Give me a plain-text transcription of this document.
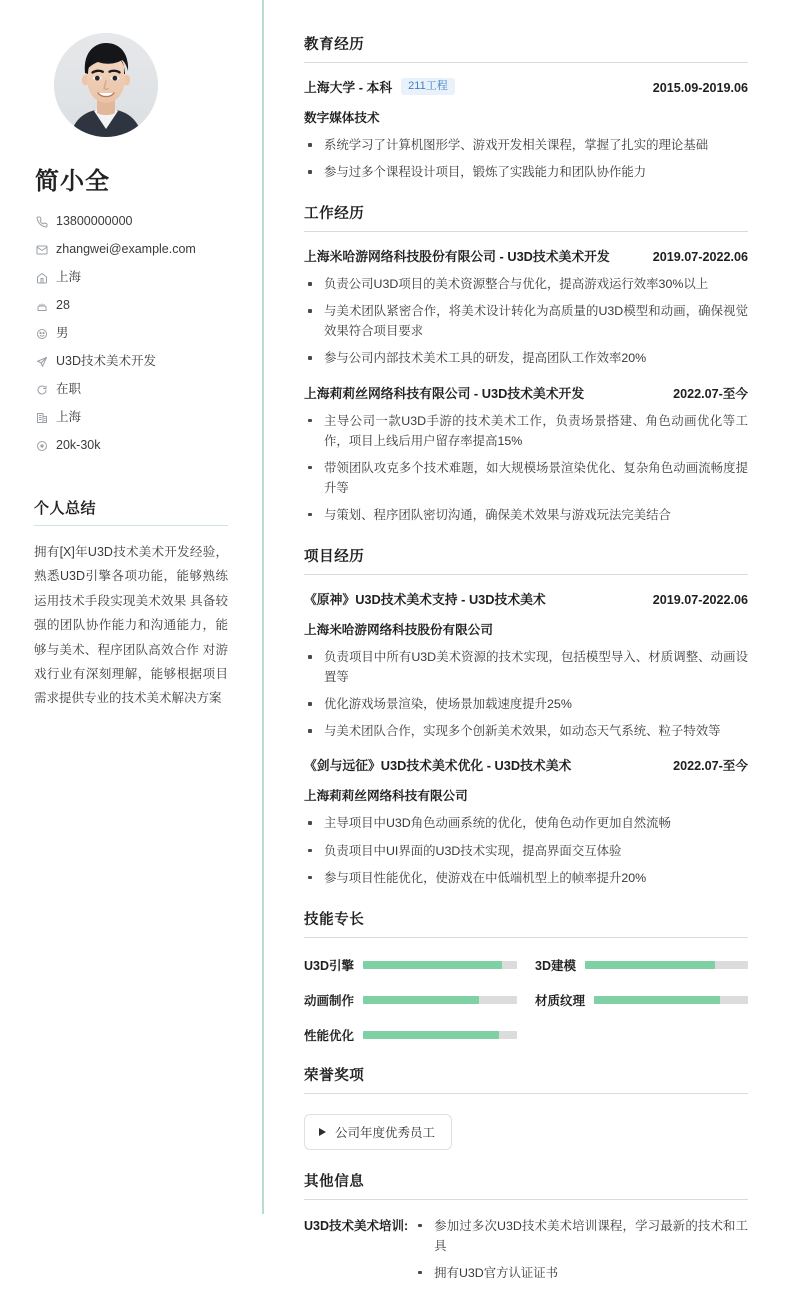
简小全
13800000000
zhangwei@example.com
上海
28
男
U3D技术美术开发
在职
上海
20k-30k
个人总结

拥有[X]年U3D技术美术开发经验，熟悉U3D引擎各项功能，能够熟练运用技术手段实现美术效果 具备较强的团队协作能力和沟通能力，能够与美术、程序团队高效合作 对游戏行业有深刻理解，能够根据项目需求提供专业的技术美术解决方案

教育经历
上海大学 - 本科	211工程	2015.09-2019.06
数字媒体技术
系统学习了计算机图形学、游戏开发相关课程，掌握了扎实的理论基础
参与过多个课程设计项目，锻炼了实践能力和团队协作能力
工作经历
上海米哈游网络科技股份有限公司 - U3D技术美术开发	2019.07-2022.06
负责公司U3D项目的美术资源整合与优化，提高游戏运行效率30%以上
与美术团队紧密合作，将美术设计转化为高质量的U3D模型和动画，确保视觉效果符合项目要求
参与公司内部技术美术工具的研发，提高团队工作效率20%
上海莉莉丝网络科技有限公司 - U3D技术美术开发	2022.07-至今
主导公司一款U3D手游的技术美术工作，负责场景搭建、角色动画优化等工作，项目上线后用户留存率提高15%
带领团队攻克多个技术难题，如大规模场景渲染优化、复杂角色动画流畅度提升等
与策划、程序团队密切沟通，确保美术效果与游戏玩法完美结合
项目经历
《原神》U3D技术美术支持 - U3D技术美术	2019.07-2022.06
上海米哈游网络科技股份有限公司
负责项目中所有U3D美术资源的技术实现，包括模型导入、材质调整、动画设置等
优化游戏场景渲染，使场景加载速度提升25%
与美术团队合作，实现多个创新美术效果，如动态天气系统、粒子特效等
《剑与远征》U3D技术美术优化 - U3D技术美术	2022.07-至今
上海莉莉丝网络科技有限公司
主导项目中U3D角色动画系统的优化，使角色动作更加自然流畅
负责项目中UI界面的U3D技术实现，提高界面交互体验
参与项目性能优化，使游戏在中低端机型上的帧率提升20%
技能专长
U3D引擎	3D建模
动画制作	材质纹理
性能优化
荣誉奖项
公司年度优秀员工
其他信息
U3D技术美术培训:	参加过多次U3D技术美术培训课程，学习最新的技术和工具
拥有U3D官方认证证书
